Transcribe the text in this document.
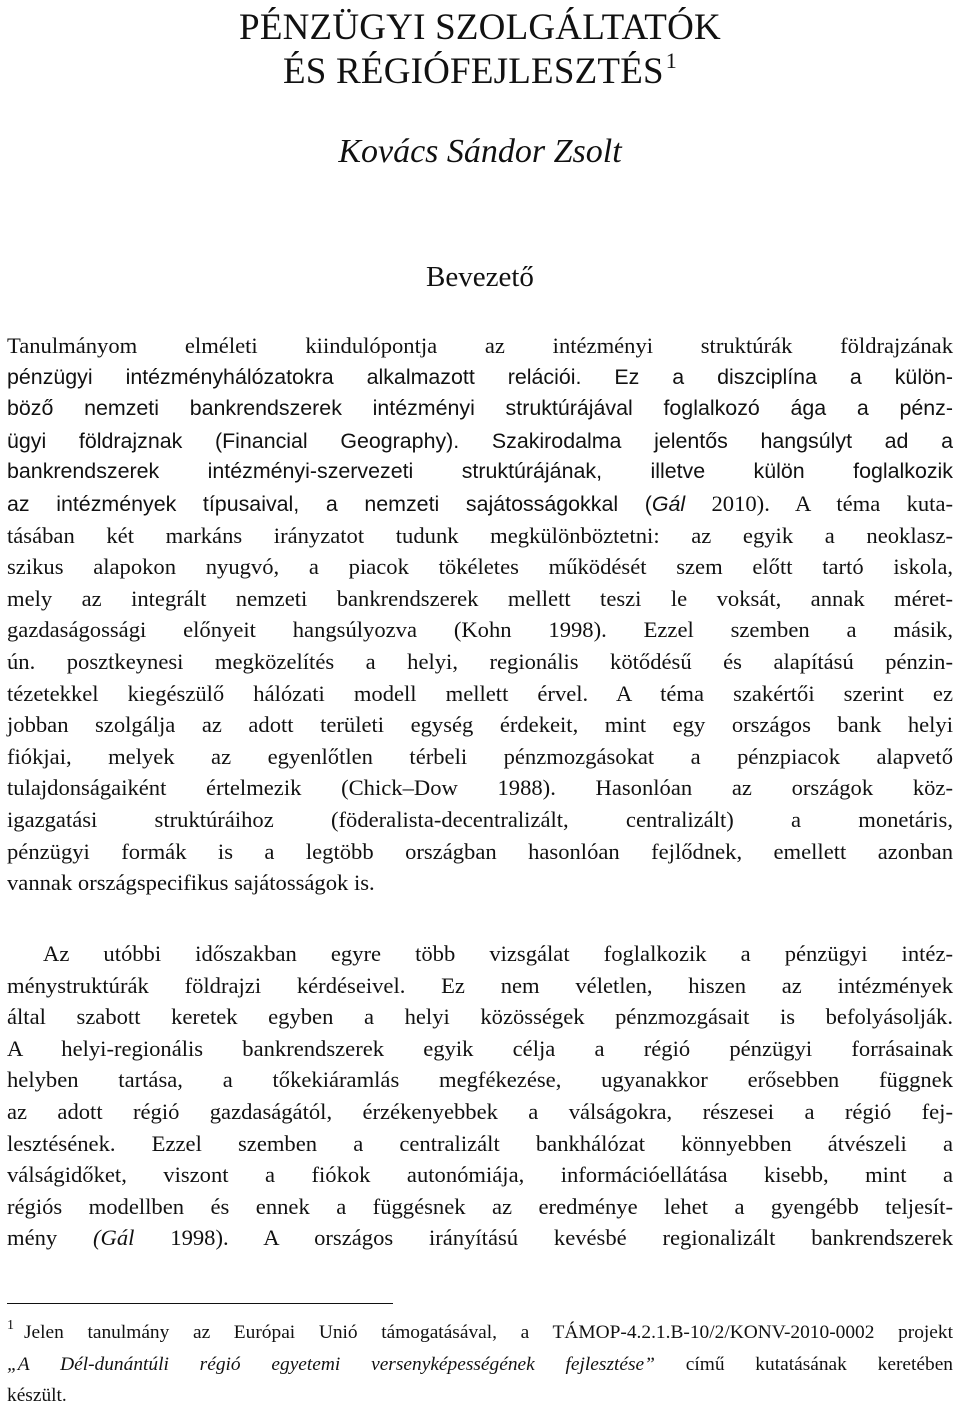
PÉNZÜGYI SZOLGÁLTATÓK
ÉS RÉGIÓFEJLESZTÉS$^1$
Kovács Sándor Zsolt
Bevezető
Tanulmányom elméleti kiindulópontja az intézményi struktúrák földrajzának
pénzügyi intézményhálózatokra alkalmazott relációi. Ez a diszciplína a külön-
böző nemzeti bankrendszerek intézményi struktúrájával foglalkozó ága a pénz-
ügyi földrajznak (Financial Geography). Szakirodalma jelentős hangsúlyt ad a
bankrendszerek intézményi-szervezeti struktúrájának, illetve külön foglalkozik
az intézmények típusaival, a nemzeti sajátosságokkal (Gál 2010). A téma kuta-
tásában két markáns irányzatot tudunk megkülönböztetni: az egyik a neoklasz-
szikus alapokon nyugvó, a piacok tökéletes működését szem előtt tartó iskola,
mely az integrált nemzeti bankrendszerek mellett teszi le voksát, annak méret-
gazdaságossági előnyeit hangsúlyozva (Kohn 1998). Ezzel szemben a másik,
ún. posztkeynesi megközelítés a helyi, regionális kötődésű és alapítású pénzin-
tézetekkel kiegészülő hálózati modell mellett érvel. A téma szakértői szerint ez
jobban szolgálja az adott területi egység érdekeit, mint egy országos bank helyi
fiókjai, melyek az egyenlőtlen térbeli pénzmozgásokat a pénzpiacok alapvető
tulajdonságaiként értelmezik (Chick–Dow 1988). Hasonlóan az országok köz-
igazgatási struktúráihoz (föderalista-decentralizált, centralizált) a monetáris,
pénzügyi formák is a legtöbb országban hasonlóan fejlődnek, emellett azonban
vannak országspecifikus sajátosságok is.
Az utóbbi időszakban egyre több vizsgálat foglalkozik a pénzügyi intéz-
ménystruktúrák földrajzi kérdéseivel. Ez nem véletlen, hiszen az intézmények
által szabott keretek egyben a helyi közösségek pénzmozgásait is befolyásolják.
A helyi-regionális bankrendszerek egyik célja a régió pénzügyi forrásainak
helyben tartása, a tőkekiáramlás megfékezése, ugyanakkor erősebben függnek
az adott régió gazdaságától, érzékenyebbek a válságokra, részesei a régió fej-
lesztésének. Ezzel szemben a centralizált bankhálózat könnyebben átvészeli a
válságidőket, viszont a fiókok autonómiája, információellátása kisebb, mint a
régiós modellben és ennek a függésnek az eredménye lehet a gyengébb teljesít-
mény (Gál 1998). A országos irányítású kevésbé regionalizált bankrendszerek
$^1$ Jelen tanulmány az Európai Unió támogatásával, a TÁMOP-4.2.1.B-10/2/KONV-2010-0002 projekt
„A Dél-dunántúli régió egyetemi versenyképességének fejlesztése” című kutatásának keretében
készült.
